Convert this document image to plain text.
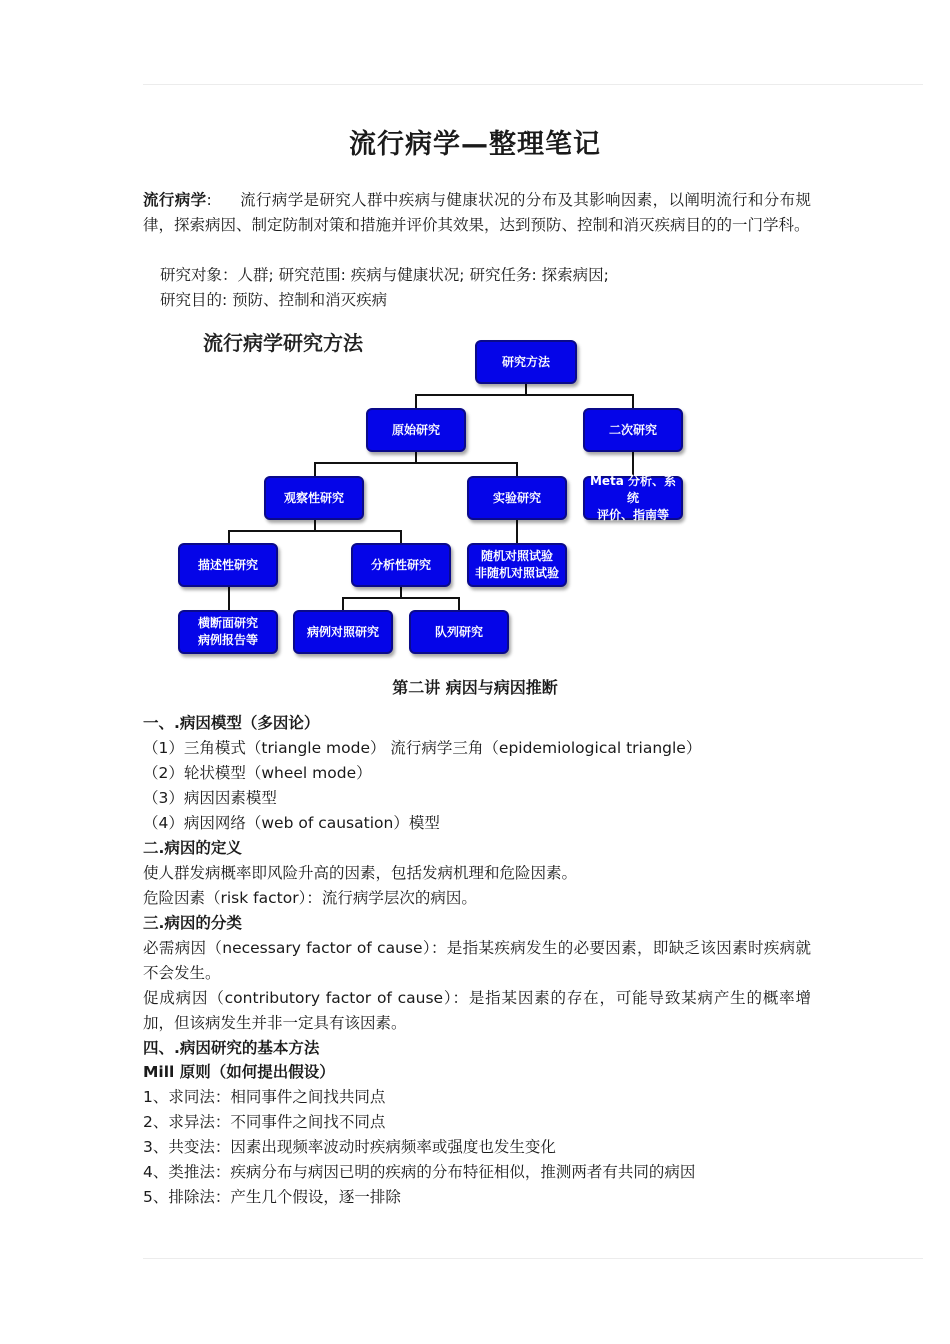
流行病学—整理笔记
流行病学: 流行病学是研究人群中疾病与健康状况的分布及其影响因素，以阐明流行和分布规律，探索病因、制定防制对策和措施并评价其效果，达到预防、控制和消灭疾病目的的一门学科。
研究对象：人群; 研究范围: 疾病与健康状况; 研究任务: 探索病因;
研究目的: 预防、控制和消灭疾病
流行病学研究方法
研究方法
原始研究	二次研究
观察性研究	实验研究
Meta 分析、系统
评价、指南等
描述性研究	分析性研究
随机对照试验
非随机对照试验
横断面研究
病例报告等
病例对照研究	队列研究
第二讲 病因与病因推断
一、.病因模型（多因论）
（1）三角模式（triangle mode） 流行病学三角（epidemiological triangle）
（2）轮状模型（wheel mode）
（3）病因因素模型
（4）病因网络（web of causation）模型
二.病因的定义
使人群发病概率即风险升高的因素，包括发病机理和危险因素。
危险因素（risk factor）：流行病学层次的病因。
三.病因的分类
必需病因（necessary factor of cause）：是指某疾病发生的必要因素，即缺乏该因素时疾病就不会发生。
促成病因（contributory factor of cause）：是指某因素的存在，可能导致某病产生的概率增加，但该病发生并非一定具有该因素。
四、.病因研究的基本方法
Mill 原则（如何提出假设）
1、求同法：相同事件之间找共同点
2、求异法：不同事件之间找不同点
3、共变法：因素出现频率波动时疾病频率或强度也发生变化
4、类推法：疾病分布与病因已明的疾病的分布特征相似，推测两者有共同的病因
5、排除法：产生几个假设，逐一排除
